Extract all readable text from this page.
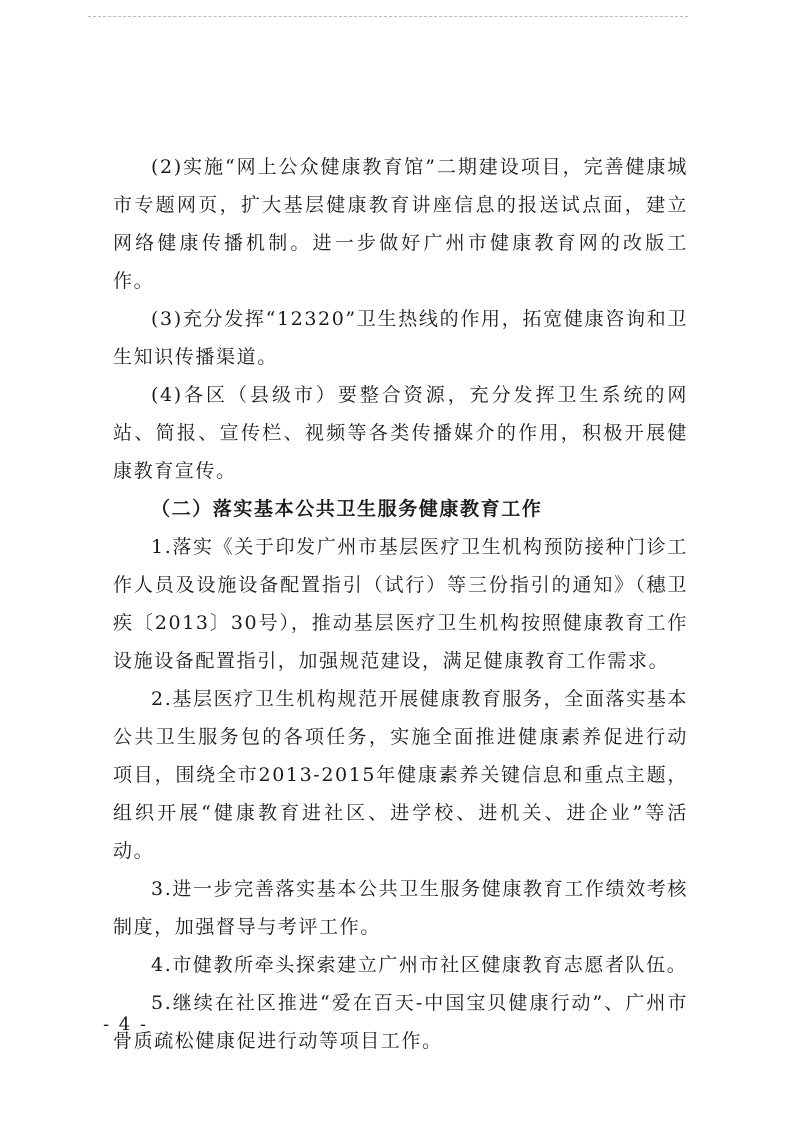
(2)实施“网上公众健康教育馆”二期建设项目，完善健康城市专题网页，扩大基层健康教育讲座信息的报送试点面，建立网络健康传播机制。进一步做好广州市健康教育网的改版工作。

(3)充分发挥“12320”卫生热线的作用，拓宽健康咨询和卫生知识传播渠道。

(4)各区（县级市）要整合资源，充分发挥卫生系统的网站、简报、宣传栏、视频等各类传播媒介的作用，积极开展健康教育宣传。

（二）落实基本公共卫生服务健康教育工作

1.落实《关于印发广州市基层医疗卫生机构预防接种门诊工作人员及设施设备配置指引（试行）等三份指引的通知》（穗卫疾〔2013〕30号），推动基层医疗卫生机构按照健康教育工作设施设备配置指引，加强规范建设，满足健康教育工作需求。

2.基层医疗卫生机构规范开展健康教育服务，全面落实基本公共卫生服务包的各项任务，实施全面推进健康素养促进行动项目，围绕全市2013-2015年健康素养关键信息和重点主题，组织开展“健康教育进社区、进学校、进机关、进企业”等活动。

3.进一步完善落实基本公共卫生服务健康教育工作绩效考核制度，加强督导与考评工作。

4.市健教所牵头探索建立广州市社区健康教育志愿者队伍。

5.继续在社区推进“爱在百天-中国宝贝健康行动”、广州市骨质疏松健康促进行动等项目工作。

- 4 -
